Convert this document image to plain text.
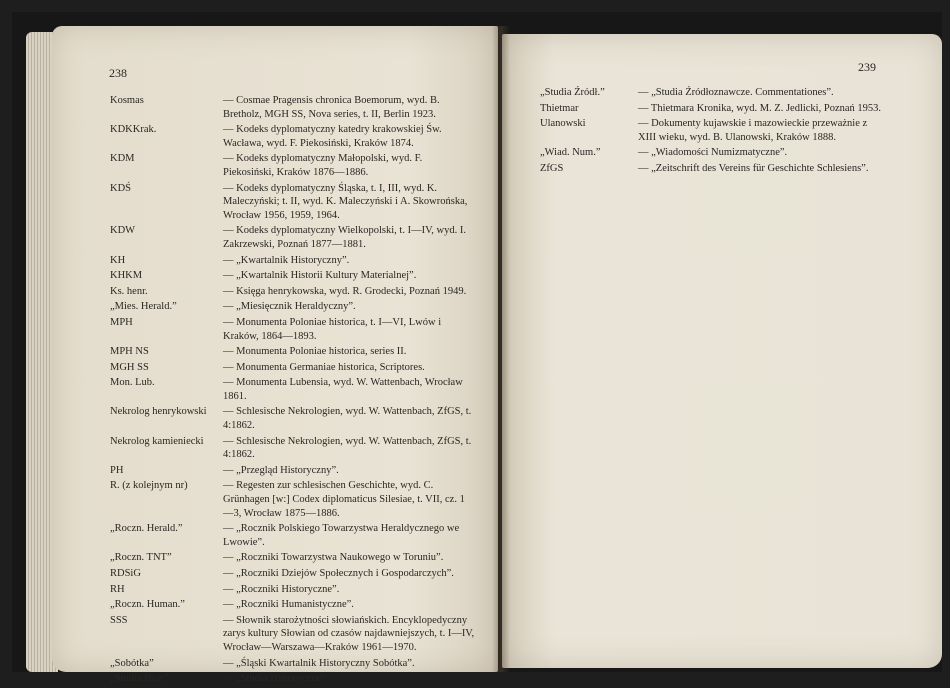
238
Kosmas	— Cosmae Pragensis chronica Boemorum, wyd. B. Bretholz, MGH SS, Nova series, t. II, Berlin 1923.
KDKKrak.	— Kodeks dyplomatyczny katedry krakowskiej Św. Wacława, wyd. F. Piekosiński, Kraków 1874.
KDM	— Kodeks dyplomatyczny Małopolski, wyd. F. Piekosiński, Kraków 1876—1886.
KDŚ	— Kodeks dyplomatyczny Śląska, t. I, III, wyd. K. Maleczyński; t. II, wyd. K. Maleczyński i A. Skowrońska, Wrocław 1956, 1959, 1964.
KDW	— Kodeks dyplomatyczny Wielkopolski, t. I—IV, wyd. I. Zakrzewski, Poznań 1877—1881.
KH	— „Kwartalnik Historyczny”.
KHKM	— „Kwartalnik Historii Kultury Materialnej”.
Ks. henr.	— Księga henrykowska, wyd. R. Grodecki, Poznań 1949.
„Mies. Herald.”	— „Miesięcznik Heraldyczny”.
MPH	— Monumenta Poloniae historica, t. I—VI, Lwów i Kraków, 1864—1893.
MPH NS	— Monumenta Poloniae historica, series II.
MGH SS	— Monumenta Germaniae historica, Scriptores.
Mon. Lub.	— Monumenta Lubensia, wyd. W. Wattenbach, Wrocław 1861.
Nekrolog henrykowski — Schlesische Nekrologien, wyd. W. Wattenbach, ZfGS, t. 4:1862.
Nekrolog kamieniecki — Schlesische Nekrologien, wyd. W. Wattenbach, ZfGS, t. 4:1862.
PH	— „Przegląd Historyczny”.
R. (z kolejnym nr)	— Regesten zur schlesischen Geschichte, wyd. C. Grünhagen [w:] Codex diplomaticus Silesiae, t. VII, cz. 1—3, Wrocław 1875—1886.
„Roczn. Herald.”	— „Rocznik Polskiego Towarzystwa Heraldycznego we Lwowie”.
„Roczn. TNT”	— „Roczniki Towarzystwa Naukowego w Toruniu”.
RDSiG	— „Roczniki Dziejów Społecznych i Gospodarczych”.
RH	— „Roczniki Historyczne”.
„Roczn. Human.”	— „Roczniki Humanistyczne”.
SSS	— Słownik starożytności słowiańskich. Encyklopedyczny zarys kultury Słowian od czasów najdawniejszych, t. I—IV, Wrocław—Warszawa—Kraków 1961—1970.
„Sobótka”	— „Śląski Kwartalnik Historyczny Sobótka”.
„Studia Hist.”	— „Studia Historyczne”.
239
„Studia Źródł.”	— „Studia Źródłoznawcze. Commentationes”.
Thietmar	— Thietmara Kronika, wyd. M. Z. Jedlicki, Poznań 1953.
Ulanowski	— Dokumenty kujawskie i mazowieckie przeważnie z XIII wieku, wyd. B. Ulanowski, Kraków 1888.
„Wiad. Num.”	— „Wiadomości Numizmatyczne”.
ZfGS	— „Zeitschrift des Vereins für Geschichte Schlesiens”.
